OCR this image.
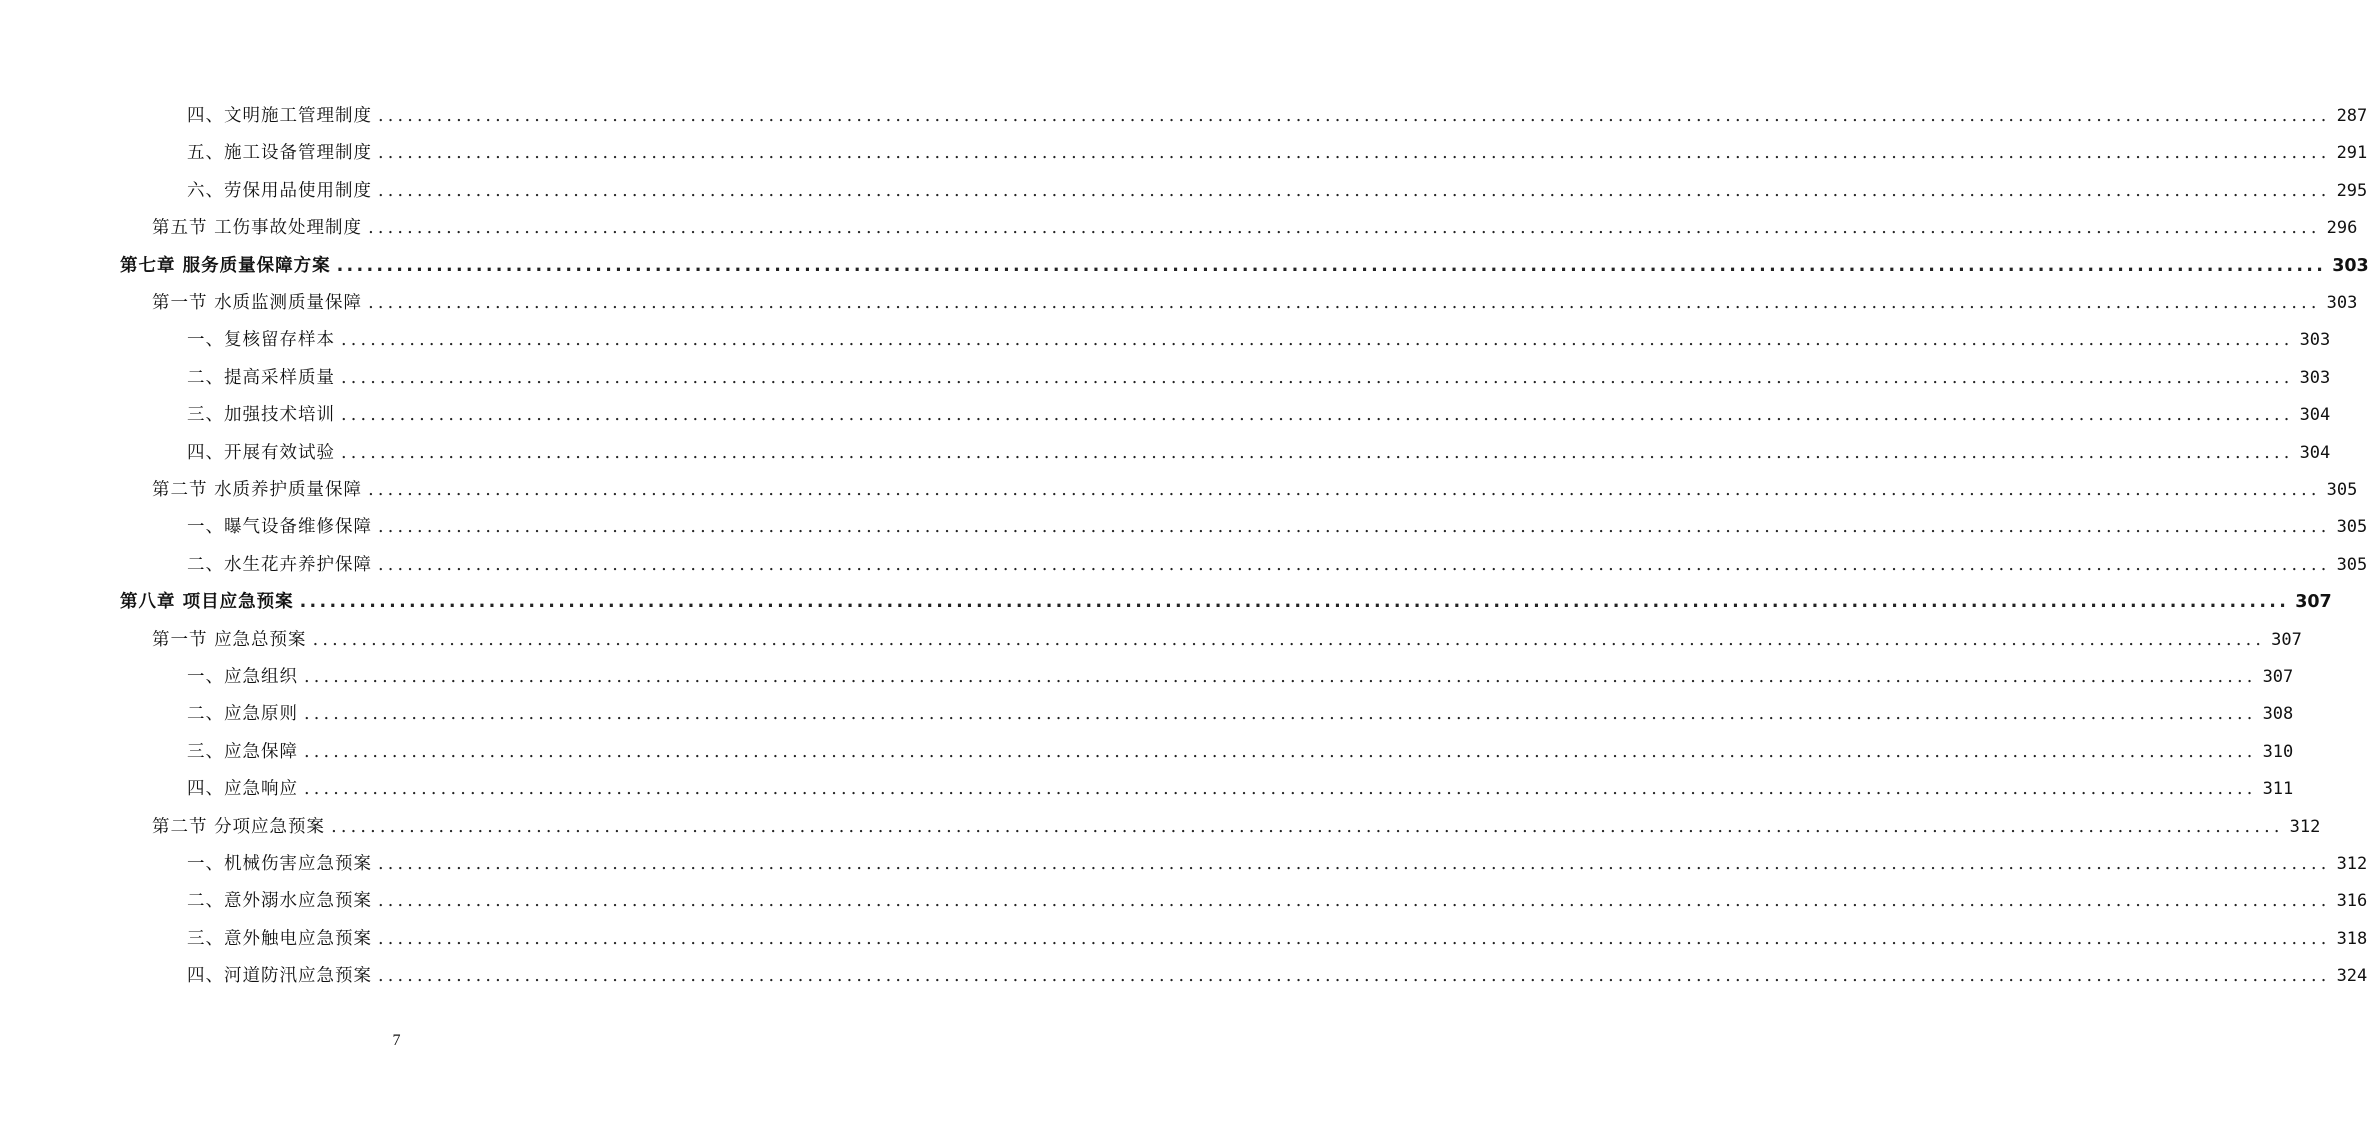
四、文明施工管理制度 ........................................................................................................................................................................................................ 287
五、施工设备管理制度 ........................................................................................................................................................................................................ 291
六、劳保用品使用制度 ........................................................................................................................................................................................................ 295
第五节 工伤事故处理制度 ........................................................................................................................................................................................................ 296
第七章 服务质量保障方案 ........................................................................................................................................................................................................ 303
第一节 水质监测质量保障 ........................................................................................................................................................................................................ 303
一、复核留存样本 ........................................................................................................................................................................................................ 303
二、提高采样质量 ........................................................................................................................................................................................................ 303
三、加强技术培训 ........................................................................................................................................................................................................ 304
四、开展有效试验 ........................................................................................................................................................................................................ 304
第二节 水质养护质量保障 ........................................................................................................................................................................................................ 305
一、曝气设备维修保障 ........................................................................................................................................................................................................ 305
二、水生花卉养护保障 ........................................................................................................................................................................................................ 305
第八章 项目应急预案 ........................................................................................................................................................................................................ 307
第一节 应急总预案 ........................................................................................................................................................................................................ 307
一、应急组织 ........................................................................................................................................................................................................ 307
二、应急原则 ........................................................................................................................................................................................................ 308
三、应急保障 ........................................................................................................................................................................................................ 310
四、应急响应 ........................................................................................................................................................................................................ 311
第二节 分项应急预案 ........................................................................................................................................................................................................ 312
一、机械伤害应急预案 ........................................................................................................................................................................................................ 312
二、意外溺水应急预案 ........................................................................................................................................................................................................ 316
三、意外触电应急预案 ........................................................................................................................................................................................................ 318
四、河道防汛应急预案 ........................................................................................................................................................................................................ 324
7
